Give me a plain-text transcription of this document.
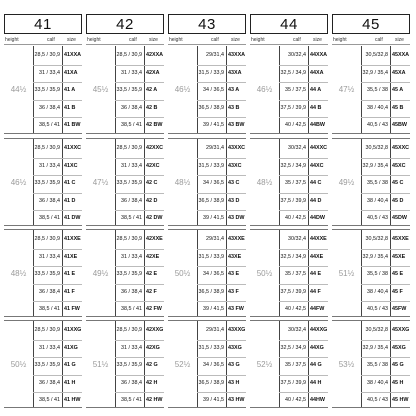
41
height	calf size
44½
28,5 / 30,9 41XXA
31 / 33,4 41XA
33,5 / 35,9 41 A
36 / 38,4 41 B
38,5 / 41 41 BW
46½
28,5 / 30,9 41XXC
31 / 33,4 41XC
33,5 / 35,9 41 C
36 / 38,4 41 D
38,5 / 41 41 DW
48½
28,5 / 30,9 41XXE
31 / 33,4 41XE
33,5 / 35,9 41 E
36 / 38,4 41 F
38,5 / 41 41 FW
50½
28,5 / 30,9 41XXG
31 / 33,4 41XG
33,5 / 35,9 41 G
36 / 38,4 41 H
38,5 / 41 41 HW
42
height	calf size
45½
28,5 / 30,9 42XXA
31 / 33,4 42XA
33,5 / 35,9 42 A
36 / 38,4 42 B
38,5 / 41 42 BW
47½
28,5 / 30,9 42XXC
31 / 33,4 42XC
33,5 / 35,9 42 C
36 / 38,4 42 D
38,5 / 41 42 DW
49½
28,5 / 30,9 42XXE
31 / 33,4 42XE
33,5 / 35,9 42 E
36 / 38,4 42 F
38,5 / 41 42 FW
51½
28,5 / 30,9 42XXG
31 / 33,4 42XG
33,5 / 35,9 42 G
36 / 38,4 42 H
38,5 / 41 42 HW
43
height	calf size
46½
29/31,4 43XXA
31,5 / 33,9 43XA
34 / 36,5 43 A
36,5 / 38,9 43 B
39 / 41,5 43 BW
48½
29/31,4 43XXC
31,5 / 33,9 43XC
34 / 36,5 43 C
36,5 / 38,9 43 D
39 / 41,5 43 DW
50½
29/31,4 43XXE
31,5 / 33,9 43XE
34 / 36,5 43 E
36,5 / 38,9 43 F
39 / 41,5 43 FW
52½
29/31,4 43XXG
31,5 / 33,9 43XG
34 / 36,5 43 G
36,5 / 38,9 43 H
39 / 41,5 43 HW
44
height	calf size
46½
30/32,4 44XXA
32,5 / 34,9 44XA
35 / 37,5 44 A
37,5 / 39,9 44 B
40 / 42,5 44BW
48½
30/32,4 44XXC
32,5 / 34,9 44XC
35 / 37,5 44 C
37,5 / 39,9 44 D
40 / 42,5 44DW
50½
30/32,4 44XXE
32,5 / 34,9 44XE
35 / 37,5 44 E
37,5 / 39,9 44 F
40 / 42,5 44FW
52½
30/32,4 44XXG
32,5 / 34,9 44XG
35 / 37,5 44 G
37,5 / 39,9 44 H
40 / 42,5 44HW
45
height	calf size
47½
30,5/32,8 45XXA
32,9 / 35,4 45XA
35,5 / 38 45 A
38 / 40,4 45 B
40,5 / 43 45BW
49½
30,5/32,8 45XXC
32,9 / 35,4 45XC
35,5 / 38 45 C
38 / 40,4 45 D
40,5 / 43 45DW
51½
30,5/32,8 45XXE
32,9 / 35,4 45XE
35,5 / 38 45 E
38 / 40,4 45 F
40,5 / 43 45FW
53½
30,5/32,8 45XXG
32,9 / 35,4 45XG
35,5 / 38 45 G
38 / 40,4 45 H
40,5 / 43 45 HW
